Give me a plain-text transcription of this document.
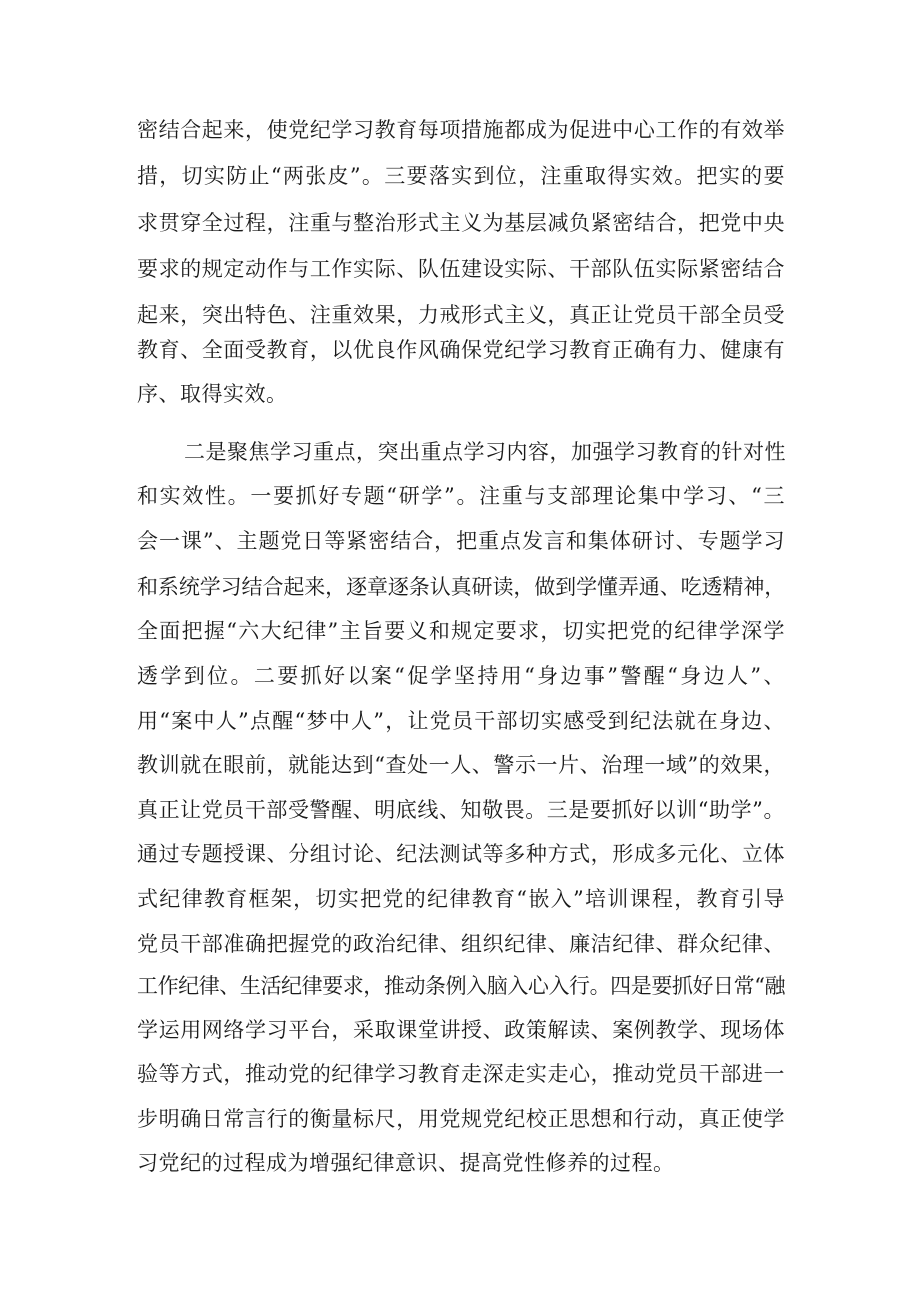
密结合起来，使党纪学习教育每项措施都成为促进中心工作的有效举
措，切实防止“两张皮”。三要落实到位，注重取得实效。把实的要
求贯穿全过程，注重与整治形式主义为基层减负紧密结合，把党中央
要求的规定动作与工作实际、队伍建设实际、干部队伍实际紧密结合
起来，突出特色、注重效果，力戒形式主义，真正让党员干部全员受
教育、全面受教育，以优良作风确保党纪学习教育正确有力、健康有
序、取得实效。
二是聚焦学习重点，突出重点学习内容，加强学习教育的针对性
和实效性。一要抓好专题“研学”。注重与支部理论集中学习、“三
会一课”、主题党日等紧密结合，把重点发言和集体研讨、专题学习
和系统学习结合起来，逐章逐条认真研读，做到学懂弄通、吃透精神，
全面把握“六大纪律”主旨要义和规定要求，切实把党的纪律学深学
透学到位。二要抓好以案“促学坚持用“身边事”警醒“身边人”、
用“案中人”点醒“梦中人”，让党员干部切实感受到纪法就在身边、
教训就在眼前，就能达到“查处一人、警示一片、治理一域”的效果，
真正让党员干部受警醒、明底线、知敬畏。三是要抓好以训“助学”。
通过专题授课、分组讨论、纪法测试等多种方式，形成多元化、立体
式纪律教育框架，切实把党的纪律教育“嵌入”培训课程，教育引导
党员干部准确把握党的政治纪律、组织纪律、廉洁纪律、群众纪律、
工作纪律、生活纪律要求，推动条例入脑入心入行。四是要抓好日常“融
学运用网络学习平台，采取课堂讲授、政策解读、案例教学、现场体
验等方式，推动党的纪律学习教育走深走实走心，推动党员干部进一
步明确日常言行的衡量标尺，用党规党纪校正思想和行动，真正使学
习党纪的过程成为增强纪律意识、提高党性修养的过程。
